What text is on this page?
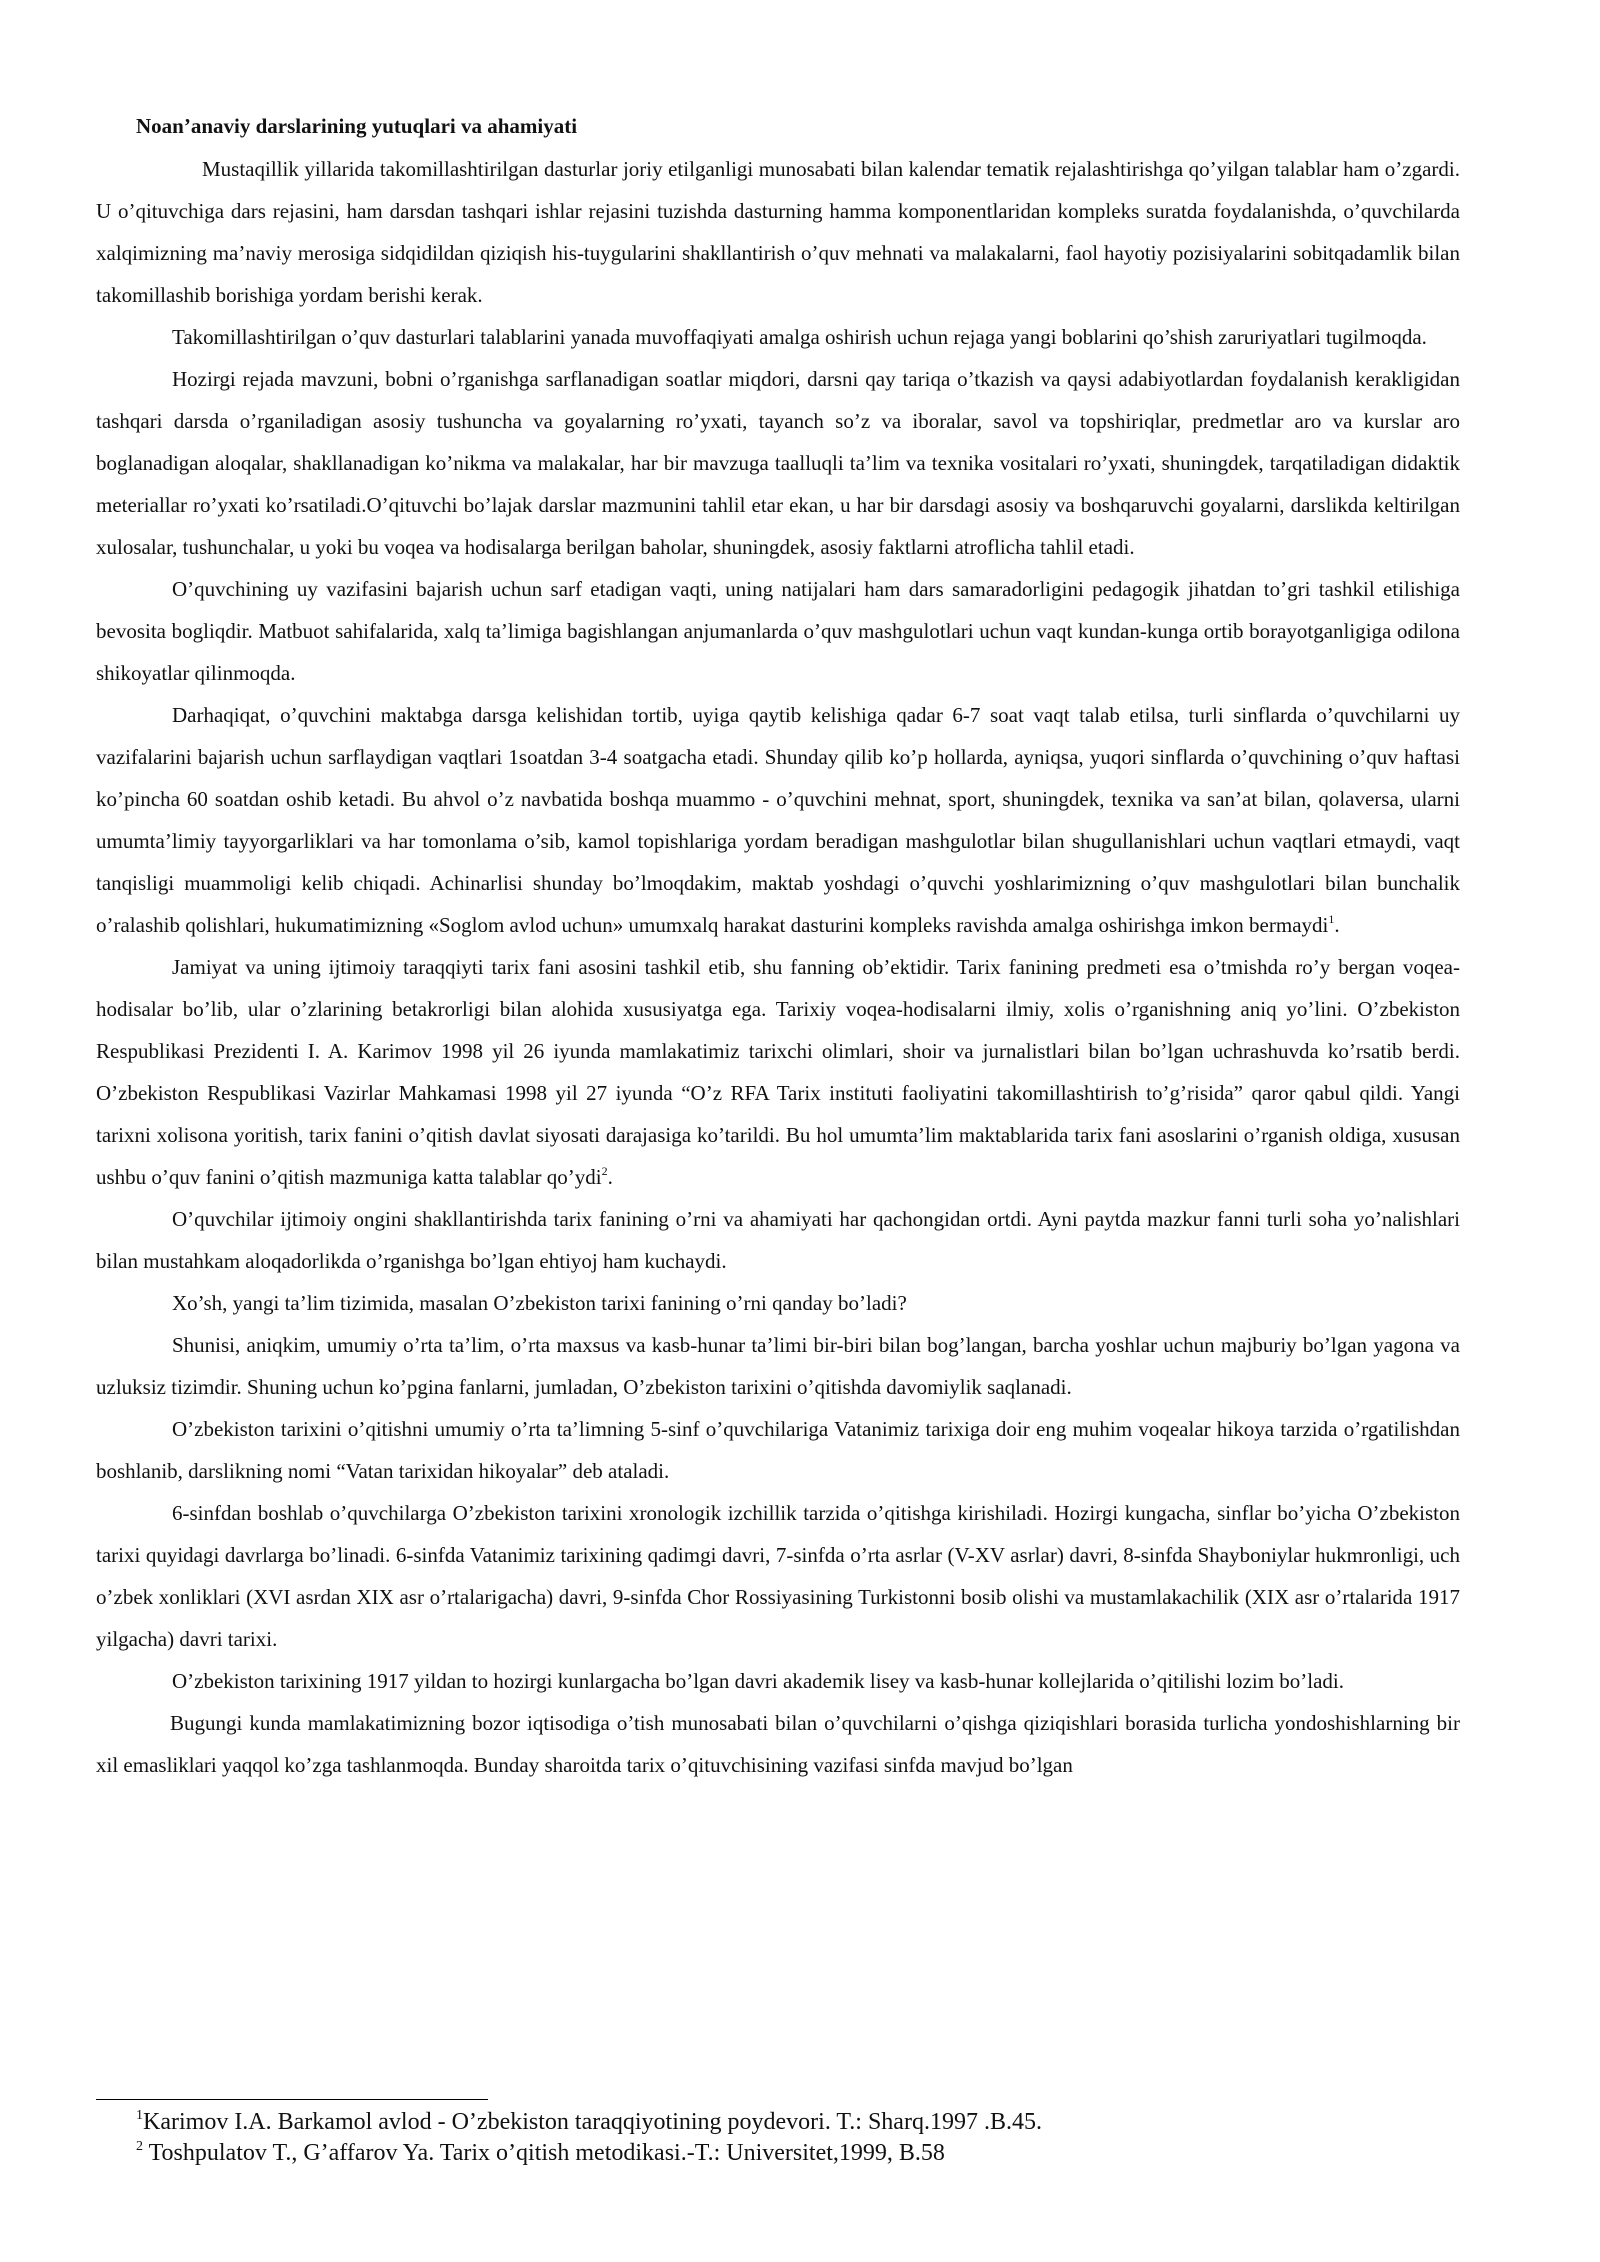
Noan’anaviy darslarining yutuqlari va ahamiyati

Mustaqillik yillarida takomillashtirilgan dasturlar joriy etilganligi munosabati bilan kalendar tematik rejalashtirishga qo’yilgan talablar ham o’zgardi. U o’qituvchiga dars rejasini, ham darsdan tashqari ishlar rejasini tuzishda dasturning hamma komponentlaridan kompleks suratda foydalanishda, o’quvchilarda xalqimizning ma’naviy merosiga sidqidildan qiziqish his-tuygularini shakllantirish o’quv mehnati va malakalarni, faol hayotiy pozisiyalarini sobitqadamlik bilan takomillashib borishiga yordam berishi kerak.

Takomillashtirilgan o’quv dasturlari talablarini yanada muvoffaqiyati amalga oshirish uchun rejaga yangi boblarini qo’shish zaruriyatlari tugilmoqda.

Hozirgi rejada mavzuni, bobni o’rganishga sarflanadigan soatlar miqdori, darsni qay tariqa o’tkazish va qaysi adabiyotlardan foydalanish kerakligidan tashqari darsda o’rganiladigan asosiy tushuncha va goyalarning ro’yxati, tayanch so’z va iboralar, savol va topshiriqlar, predmetlar aro va kurslar aro boglanadigan aloqalar, shakllanadigan ko’nikma va malakalar, har bir mavzuga taalluqli ta’lim va texnika vositalari ro’yxati, shuningdek, tarqatiladigan didaktik meteriallar ro’yxati ko’rsatiladi.O’qituvchi bo’lajak darslar mazmunini tahlil etar ekan, u har bir darsdagi asosiy va boshqaruvchi goyalarni, darslikda keltirilgan xulosalar, tushunchalar, u yoki bu voqea va hodisalarga berilgan baholar, shuningdek, asosiy faktlarni atroflicha tahlil etadi.

O’quvchining uy vazifasini bajarish uchun sarf etadigan vaqti, uning natijalari ham dars samaradorligini pedagogik jihatdan to’gri tashkil etilishiga bevosita bogliqdir. Matbuot sahifalarida, xalq ta’limiga bagishlangan anjumanlarda o’quv mashgulotlari uchun vaqt kundan-kunga ortib borayotganligiga odilona shikoyatlar qilinmoqda.

Darhaqiqat, o’quvchini maktabga darsga kelishidan tortib, uyiga qaytib kelishiga qadar 6-7 soat vaqt talab etilsa, turli sinflarda o’quvchilarni uy vazifalarini bajarish uchun sarflaydigan vaqtlari 1soatdan 3-4 soatgacha etadi. Shunday qilib ko’p hollarda, ayniqsa, yuqori sinflarda o’quvchining o’quv haftasi ko’pincha 60 soatdan oshib ketadi. Bu ahvol o’z navbatida boshqa muammo - o’quvchini mehnat, sport, shuningdek, texnika va san’at bilan, qolaversa, ularni umumta’limiy tayyorgarliklari va har tomonlama o’sib, kamol topishlariga yordam beradigan mashgulotlar bilan shugullanishlari uchun vaqtlari etmaydi, vaqt tanqisligi muammoligi kelib chiqadi. Achinarlisi shunday bo’lmoqdakim, maktab yoshdagi o’quvchi yoshlarimizning o’quv mashgulotlari bilan bunchalik o’ralashib qolishlari, hukumatimizning «Soglom avlod uchun» umumxalq harakat dasturini kompleks ravishda amalga oshirishga imkon bermaydi$^1$.

Jamiyat va uning ijtimoiy taraqqiyti tarix fani asosini tashkil etib, shu fanning ob’ektidir. Tarix fanining predmeti esa o’tmishda ro’y bergan voqea-hodisalar bo’lib, ular o’zlarining betakrorligi bilan alohida xususiyatga ega. Tarixiy voqea-hodisalarni ilmiy, xolis o’rganishning aniq yo’lini. O’zbekiston Respublikasi Prezidenti I. A. Karimov 1998 yil 26 iyunda mamlakatimiz tarixchi olimlari, shoir va jurnalistlari bilan bo’lgan uchrashuvda ko’rsatib berdi. O’zbekiston Respublikasi Vazirlar Mahkamasi 1998 yil 27 iyunda “O’z RFA Tarix instituti faoliyatini takomillashtirish to’g’risida” qaror qabul qildi. Yangi tarixni xolisona yoritish, tarix fanini o’qitish davlat siyosati darajasiga ko’tarildi. Bu hol umumta’lim maktablarida tarix fani asoslarini o’rganish oldiga, xususan ushbu o’quv fanini o’qitish mazmuniga katta talablar qo’ydi$^2$.

O’quvchilar ijtimoiy ongini shakllantirishda tarix fanining o’rni va ahamiyati har qachongidan ortdi. Ayni paytda mazkur fanni turli soha yo’nalishlari bilan mustahkam aloqadorlikda o’rganishga bo’lgan ehtiyoj ham kuchaydi.

Xo’sh, yangi ta’lim tizimida, masalan O’zbekiston tarixi fanining o’rni qanday bo’ladi?

Shunisi, aniqkim, umumiy o’rta ta’lim, o’rta maxsus va kasb-hunar ta’limi bir-biri bilan bog’langan, barcha yoshlar uchun majburiy bo’lgan yagona va uzluksiz tizimdir. Shuning uchun ko’pgina fanlarni, jumladan, O’zbekiston tarixini o’qitishda davomiylik saqlanadi.

O’zbekiston tarixini o’qitishni umumiy o’rta ta’limning 5-sinf o’quvchilariga Vatanimiz tarixiga doir eng muhim voqealar hikoya tarzida o’rgatilishdan boshlanib, darslikning nomi “Vatan tarixidan hikoyalar” deb ataladi.

6-sinfdan boshlab o’quvchilarga O’zbekiston tarixini xronologik izchillik tarzida o’qitishga kirishiladi. Hozirgi kungacha, sinflar bo’yicha O’zbekiston tarixi quyidagi davrlarga bo’linadi. 6-sinfda Vatanimiz tarixining qadimgi davri, 7-sinfda o’rta asrlar (V-XV asrlar) davri, 8-sinfda Shayboniylar hukmronligi, uch o’zbek xonliklari (XVI asrdan XIX asr o’rtalarigacha) davri, 9-sinfda Chor Rossiyasining Turkistonni bosib olishi va mustamlakachilik (XIX asr o’rtalarida 1917 yilgacha) davri tarixi.

O’zbekiston tarixining 1917 yildan to hozirgi kunlargacha bo’lgan davri akademik lisey va kasb-hunar kollejlarida o’qitilishi lozim bo’ladi.

Bugungi kunda mamlakatimizning bozor iqtisodiga o’tish munosabati bilan o’quvchilarni o’qishga qiziqishlari borasida turlicha yondoshishlarning bir xil emasliklari yaqqol ko’zga tashlanmoqda. Bunday sharoitda tarix o’qituvchisining vazifasi sinfda mavjud bo’lgan

$^1$Karimov I.A. Barkamol avlod - O’zbekiston taraqqiyotining poydevori. T.: Sharq.1997 .B.45.

$^2$ Toshpulatov T., G’affarov Ya. Tarix o’qitish metodikasi.-T.: Universitet,1999, B.58
